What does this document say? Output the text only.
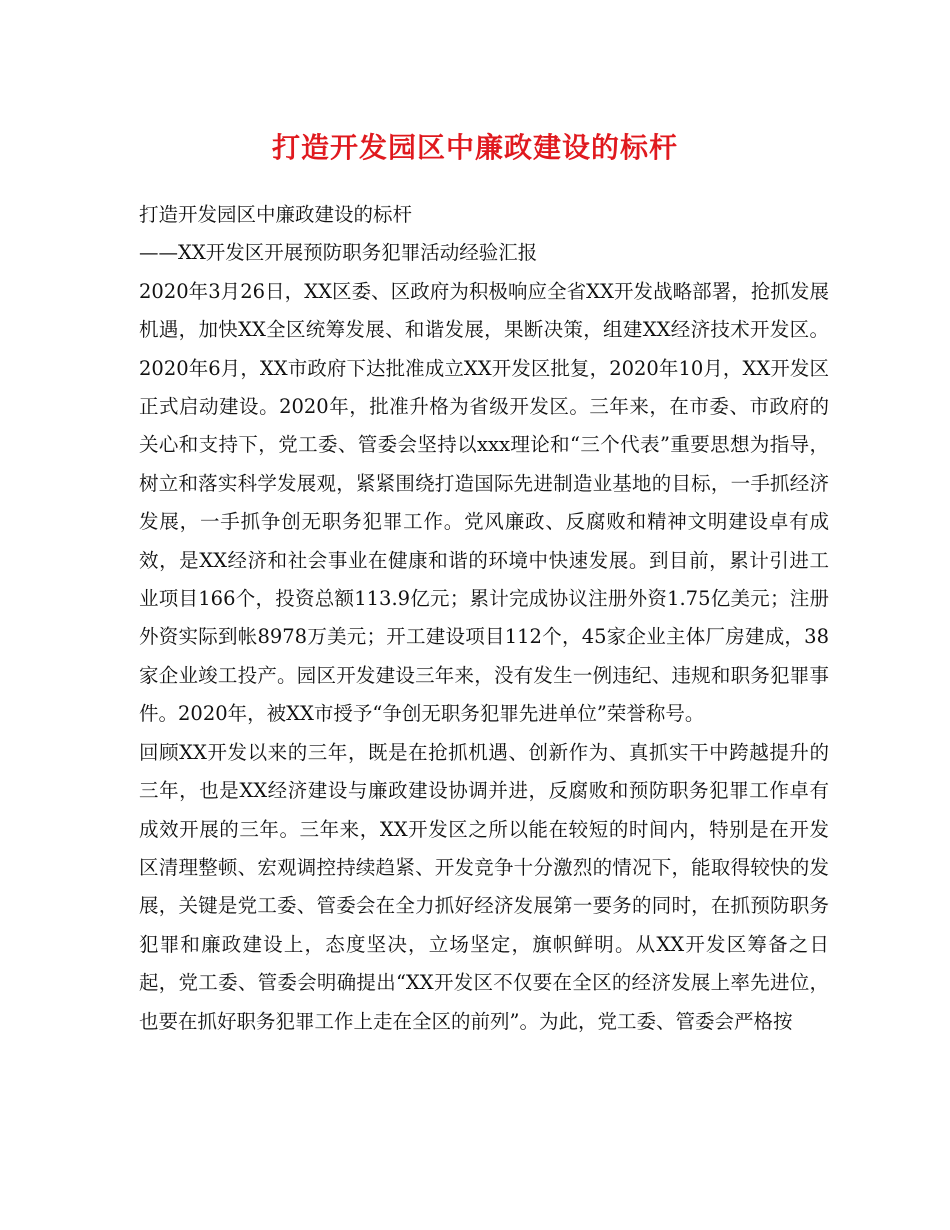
打造开发园区中廉政建设的标杆

打造开发园区中廉政建设的标杆

——XX开发区开展预防职务犯罪活动经验汇报

2020年3月26日，XX区委、区政府为积极响应全省XX开发战略部署，抢抓发展机遇，加快XX全区统筹发展、和谐发展，果断决策，组建XX经济技术开发区。2020年6月，XX市政府下达批准成立XX开发区批复，2020年10月，XX开发区正式启动建设。2020年，批准升格为省级开发区。三年来，在市委、市政府的关心和支持下，党工委、管委会坚持以xxx理论和“三个代表”重要思想为指导，树立和落实科学发展观，紧紧围绕打造国际先进制造业基地的目标，一手抓经济发展，一手抓争创无职务犯罪工作。党风廉政、反腐败和精神文明建设卓有成效，是XX经济和社会事业在健康和谐的环境中快速发展。到目前，累计引进工业项目166个，投资总额113.9亿元；累计完成协议注册外资1.75亿美元；注册外资实际到帐8978万美元；开工建设项目112个，45家企业主体厂房建成，38家企业竣工投产。园区开发建设三年来，没有发生一例违纪、违规和职务犯罪事件。2020年，被XX市授予“争创无职务犯罪先进单位”荣誉称号。

回顾XX开发以来的三年，既是在抢抓机遇、创新作为、真抓实干中跨越提升的三年，也是XX经济建设与廉政建设协调并进，反腐败和预防职务犯罪工作卓有成效开展的三年。三年来，XX开发区之所以能在较短的时间内，特别是在开发区清理整顿、宏观调控持续趋紧、开发竞争十分激烈的情况下，能取得较快的发展，关键是党工委、管委会在全力抓好经济发展第一要务的同时，在抓预防职务犯罪和廉政建设上，态度坚决，立场坚定，旗帜鲜明。从XX开发区筹备之日起，党工委、管委会明确提出“XX开发区不仅要在全区的经济发展上率先进位，也要在抓好职务犯罪工作上走在全区的前列”。为此，党工委、管委会严格按
